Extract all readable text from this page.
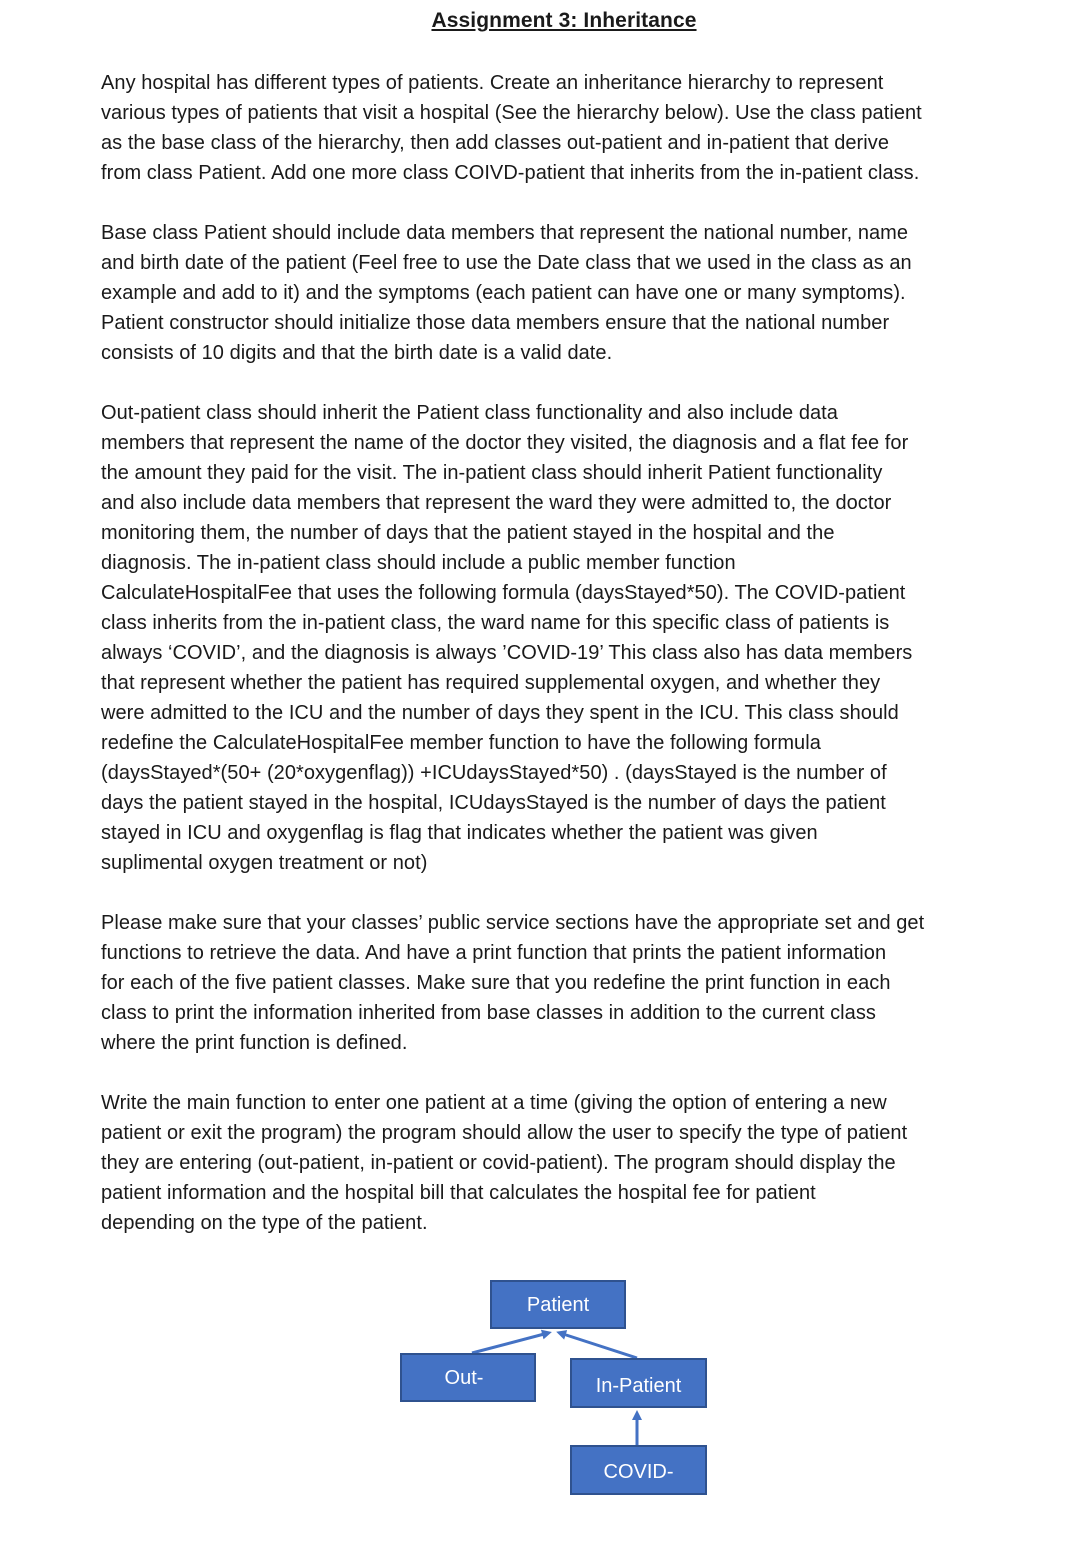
Assignment 3: Inheritance

Any hospital has different types of patients. Create an inheritance hierarchy to represent
various types of patients that visit a hospital (See the hierarchy below). Use the class patient
as the base class of the hierarchy, then add classes out-patient and in-patient that derive
from class Patient. Add one more class COIVD-patient that inherits from the in-patient class.

Base class Patient should include data members that represent the national number, name
and birth date of the patient (Feel free to use the Date class that we used in the class as an
example and add to it) and the symptoms (each patient can have one or many symptoms).
Patient constructor should initialize those data members ensure that the national number
consists of 10 digits and that the birth date is a valid date.

Out-patient class should inherit the Patient class functionality and also include data
members that represent the name of the doctor they visited, the diagnosis and a flat fee for
the amount they paid for the visit. The in-patient class should inherit Patient functionality
and also include data members that represent the ward they were admitted to, the doctor
monitoring them, the number of days that the patient stayed in the hospital and the
diagnosis. The in-patient class should include a public member function
CalculateHospitalFee that uses the following formula (daysStayed*50). The COVID-patient
class inherits from the in-patient class, the ward name for this specific class of patients is
always ‘COVID’, and the diagnosis is always ’COVID-19’ This class also has data members
that represent whether the patient has required supplemental oxygen, and whether they
were admitted to the ICU and the number of days they spent in the ICU. This class should
redefine the CalculateHospitalFee member function to have the following formula
(daysStayed*(50+ (20*oxygenflag)) +ICUdaysStayed*50) . (daysStayed is the number of
days the patient stayed in the hospital, ICUdaysStayed is the number of days the patient
stayed in ICU and oxygenflag is flag that indicates whether the patient was given
suplimental oxygen treatment or not)

Please make sure that your classes’ public service sections have the appropriate set and get
functions to retrieve the data. And have a print function that prints the patient information
for each of the five patient classes. Make sure that you redefine the print function in each
class to print the information inherited from base classes in addition to the current class
where the print function is defined.

Write the main function to enter one patient at a time (giving the option of entering a new
patient or exit the program) the program should allow the user to specify the type of patient
they are entering (out-patient, in-patient or covid-patient). The program should display the
patient information and the hospital bill that calculates the hospital fee for patient
depending on the type of the patient.

Patient
Out-	In-Patient
COVID-
